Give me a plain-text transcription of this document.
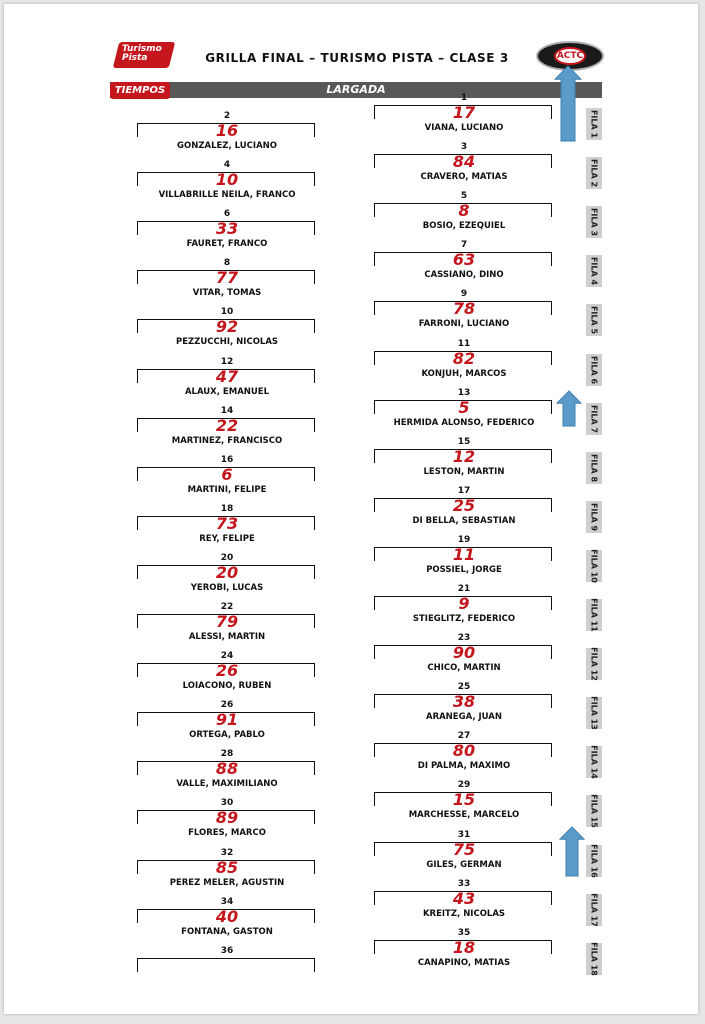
Turismo
Pista	GRILLA FINAL – TURISMO PISTA – CLASE 3	ACTC
LARGADA
TIEMPOS
1
17
VIANA, LUCIANO
3
84
CRAVERO, MATIAS
5
8
BOSIO, EZEQUIEL
7
63
CASSIANO, DINO
9
78
FARRONI, LUCIANO
11
82
KONJUH, MARCOS
13
5
HERMIDA ALONSO, FEDERICO
15
12
LESTON, MARTIN
17
25
DI BELLA, SEBASTIAN
19
11
POSSIEL, JORGE
21
9
STIEGLITZ, FEDERICO
23
90
CHICO, MARTIN
25
38
ARANEGA, JUAN
27
80
DI PALMA, MAXIMO
29
15
MARCHESSE, MARCELO
31
75
GILES, GERMAN
33
43
KREITZ, NICOLAS
35
18
CANAPINO, MATIAS
2
16
GONZALEZ, LUCIANO
4
10
VILLABRILLE NEILA, FRANCO
6
33
FAURET, FRANCO
8
77
VITAR, TOMAS
10
92
PEZZUCCHI, NICOLAS
12
47
ALAUX, EMANUEL
14
22
MARTINEZ, FRANCISCO
16
6
MARTINI, FELIPE
18
73
REY, FELIPE
20
20
YEROBI, LUCAS
22
79
ALESSI, MARTIN
24
26
LOIACONO, RUBEN
26
91
ORTEGA, PABLO
28
88
VALLE, MAXIMILIANO
30
89
FLORES, MARCO
32
85
PEREZ MELER, AGUSTIN
34
40
FONTANA, GASTON
36
FILA 1
FILA 2
FILA 3
FILA 4
FILA 5
FILA 6
FILA 7
FILA 8
FILA 9
FILA 10
FILA 11
FILA 12
FILA 13
FILA 14
FILA 15
FILA 16
FILA 17
FILA 18
